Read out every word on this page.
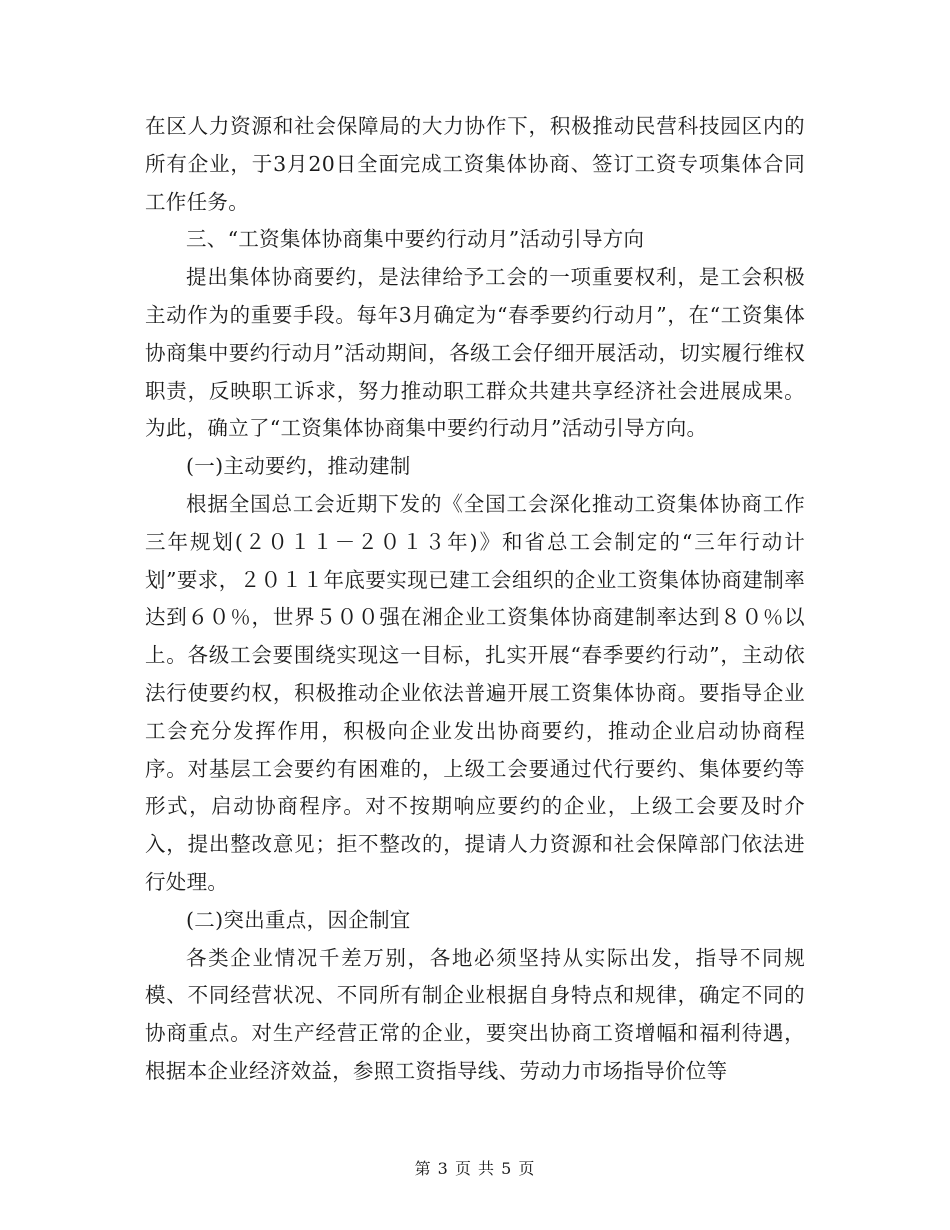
在区人力资源和社会保障局的大力协作下，积极推动民营科技园区内的所有企业，于3月20日全面完成工资集体协商、签订工资专项集体合同工作任务。

三、“工资集体协商集中要约行动月”活动引导方向

提出集体协商要约，是法律给予工会的一项重要权利，是工会积极主动作为的重要手段。每年3月确定为“春季要约行动月”，在“工资集体协商集中要约行动月”活动期间，各级工会仔细开展活动，切实履行维权职责，反映职工诉求，努力推动职工群众共建共享经济社会进展成果。为此，确立了“工资集体协商集中要约行动月”活动引导方向。

(一)主动要约，推动建制

根据全国总工会近期下发的《全国工会深化推动工资集体协商工作三年规划(２０１１－２０１３年)》和省总工会制定的“三年行动计划”要求，２０１１年底要实现已建工会组织的企业工资集体协商建制率达到６０％，世界５００强在湘企业工资集体协商建制率达到８０％以上。各级工会要围绕实现这一目标，扎实开展“春季要约行动”，主动依法行使要约权，积极推动企业依法普遍开展工资集体协商。要指导企业工会充分发挥作用，积极向企业发出协商要约，推动企业启动协商程序。对基层工会要约有困难的，上级工会要通过代行要约、集体要约等形式，启动协商程序。对不按期响应要约的企业，上级工会要及时介入，提出整改意见；拒不整改的，提请人力资源和社会保障部门依法进行处理。

(二)突出重点，因企制宜

各类企业情况千差万别，各地必须坚持从实际出发，指导不同规模、不同经营状况、不同所有制企业根据自身特点和规律，确定不同的协商重点。对生产经营正常的企业，要突出协商工资增幅和福利待遇，根据本企业经济效益，参照工资指导线、劳动力市场指导价位等

第 3 页 共 5 页
